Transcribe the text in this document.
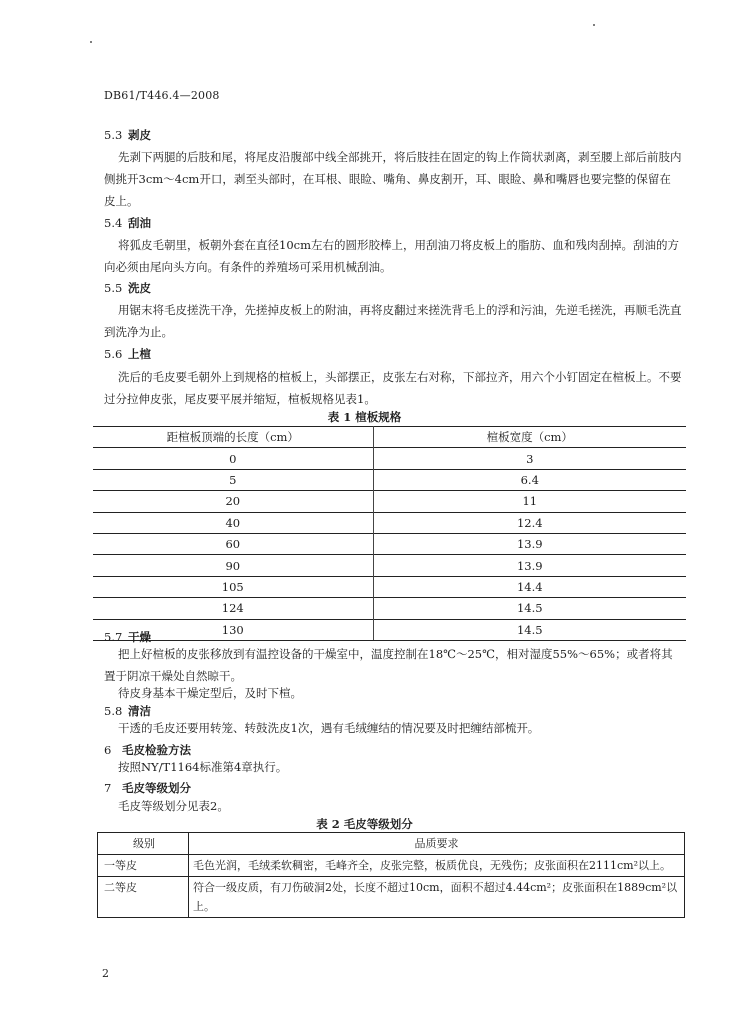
DB61/T446.4—2008
5.3 剥皮

先剥下两腿的后肢和尾，将尾皮沿腹部中线全部挑开，将后肢挂在固定的钩上作筒状剥离，剥至腰上部后前肢内侧挑开3cm～4cm开口，剥至头部时，在耳根、眼睑、嘴角、鼻皮割开，耳、眼睑、鼻和嘴唇也要完整的保留在皮上。

5.4 刮油

将狐皮毛朝里，板朝外套在直径10cm左右的圆形胶棒上，用刮油刀将皮板上的脂肪、血和残肉刮掉。刮油的方向必须由尾向头方向。有条件的养殖场可采用机械刮油。

5.5 洗皮

用锯末将毛皮搓洗干净，先搓掉皮板上的附油，再将皮翻过来搓洗背毛上的浮和污油，先逆毛搓洗，再顺毛洗直到洗净为止。

5.6 上楦

洗后的毛皮要毛朝外上到规格的楦板上，头部摆正，皮张左右对称，下部拉齐，用六个小钉固定在楦板上。不要过分拉伸皮张，尾皮要平展并缩短，楦板规格见表1。

表 1 楦板规格
距楦板顶端的长度（cm）	楦板宽度（cm）
0	3
5	6.4
20	11
40	12.4
60	13.9
90	13.9
105	14.4
124	14.5
130	14.5
5.7 干燥

把上好楦板的皮张移放到有温控设备的干燥室中，温度控制在18℃～25℃，相对湿度55%～65%；或者将其置于阴凉干燥处自然晾干。

待皮身基本干燥定型后，及时下楦。

5.8 清洁

干透的毛皮还要用转笼、转鼓洗皮1次，遇有毛绒缠结的情况要及时把缠结部梳开。

6 毛皮检验方法

按照NY/T1164标准第4章执行。

7 毛皮等级划分

毛皮等级划分见表2。

表 2 毛皮等级划分
级别	品质要求
一等皮	毛色光润，毛绒柔软稠密，毛峰齐全，皮张完整，板质优良，无残伤；皮张面积在2111cm²以上。
二等皮	符合一级皮质，有刀伤破洞2处，长度不超过10cm，面积不超过4.44cm²；皮张面积在1889cm²以上。
2
